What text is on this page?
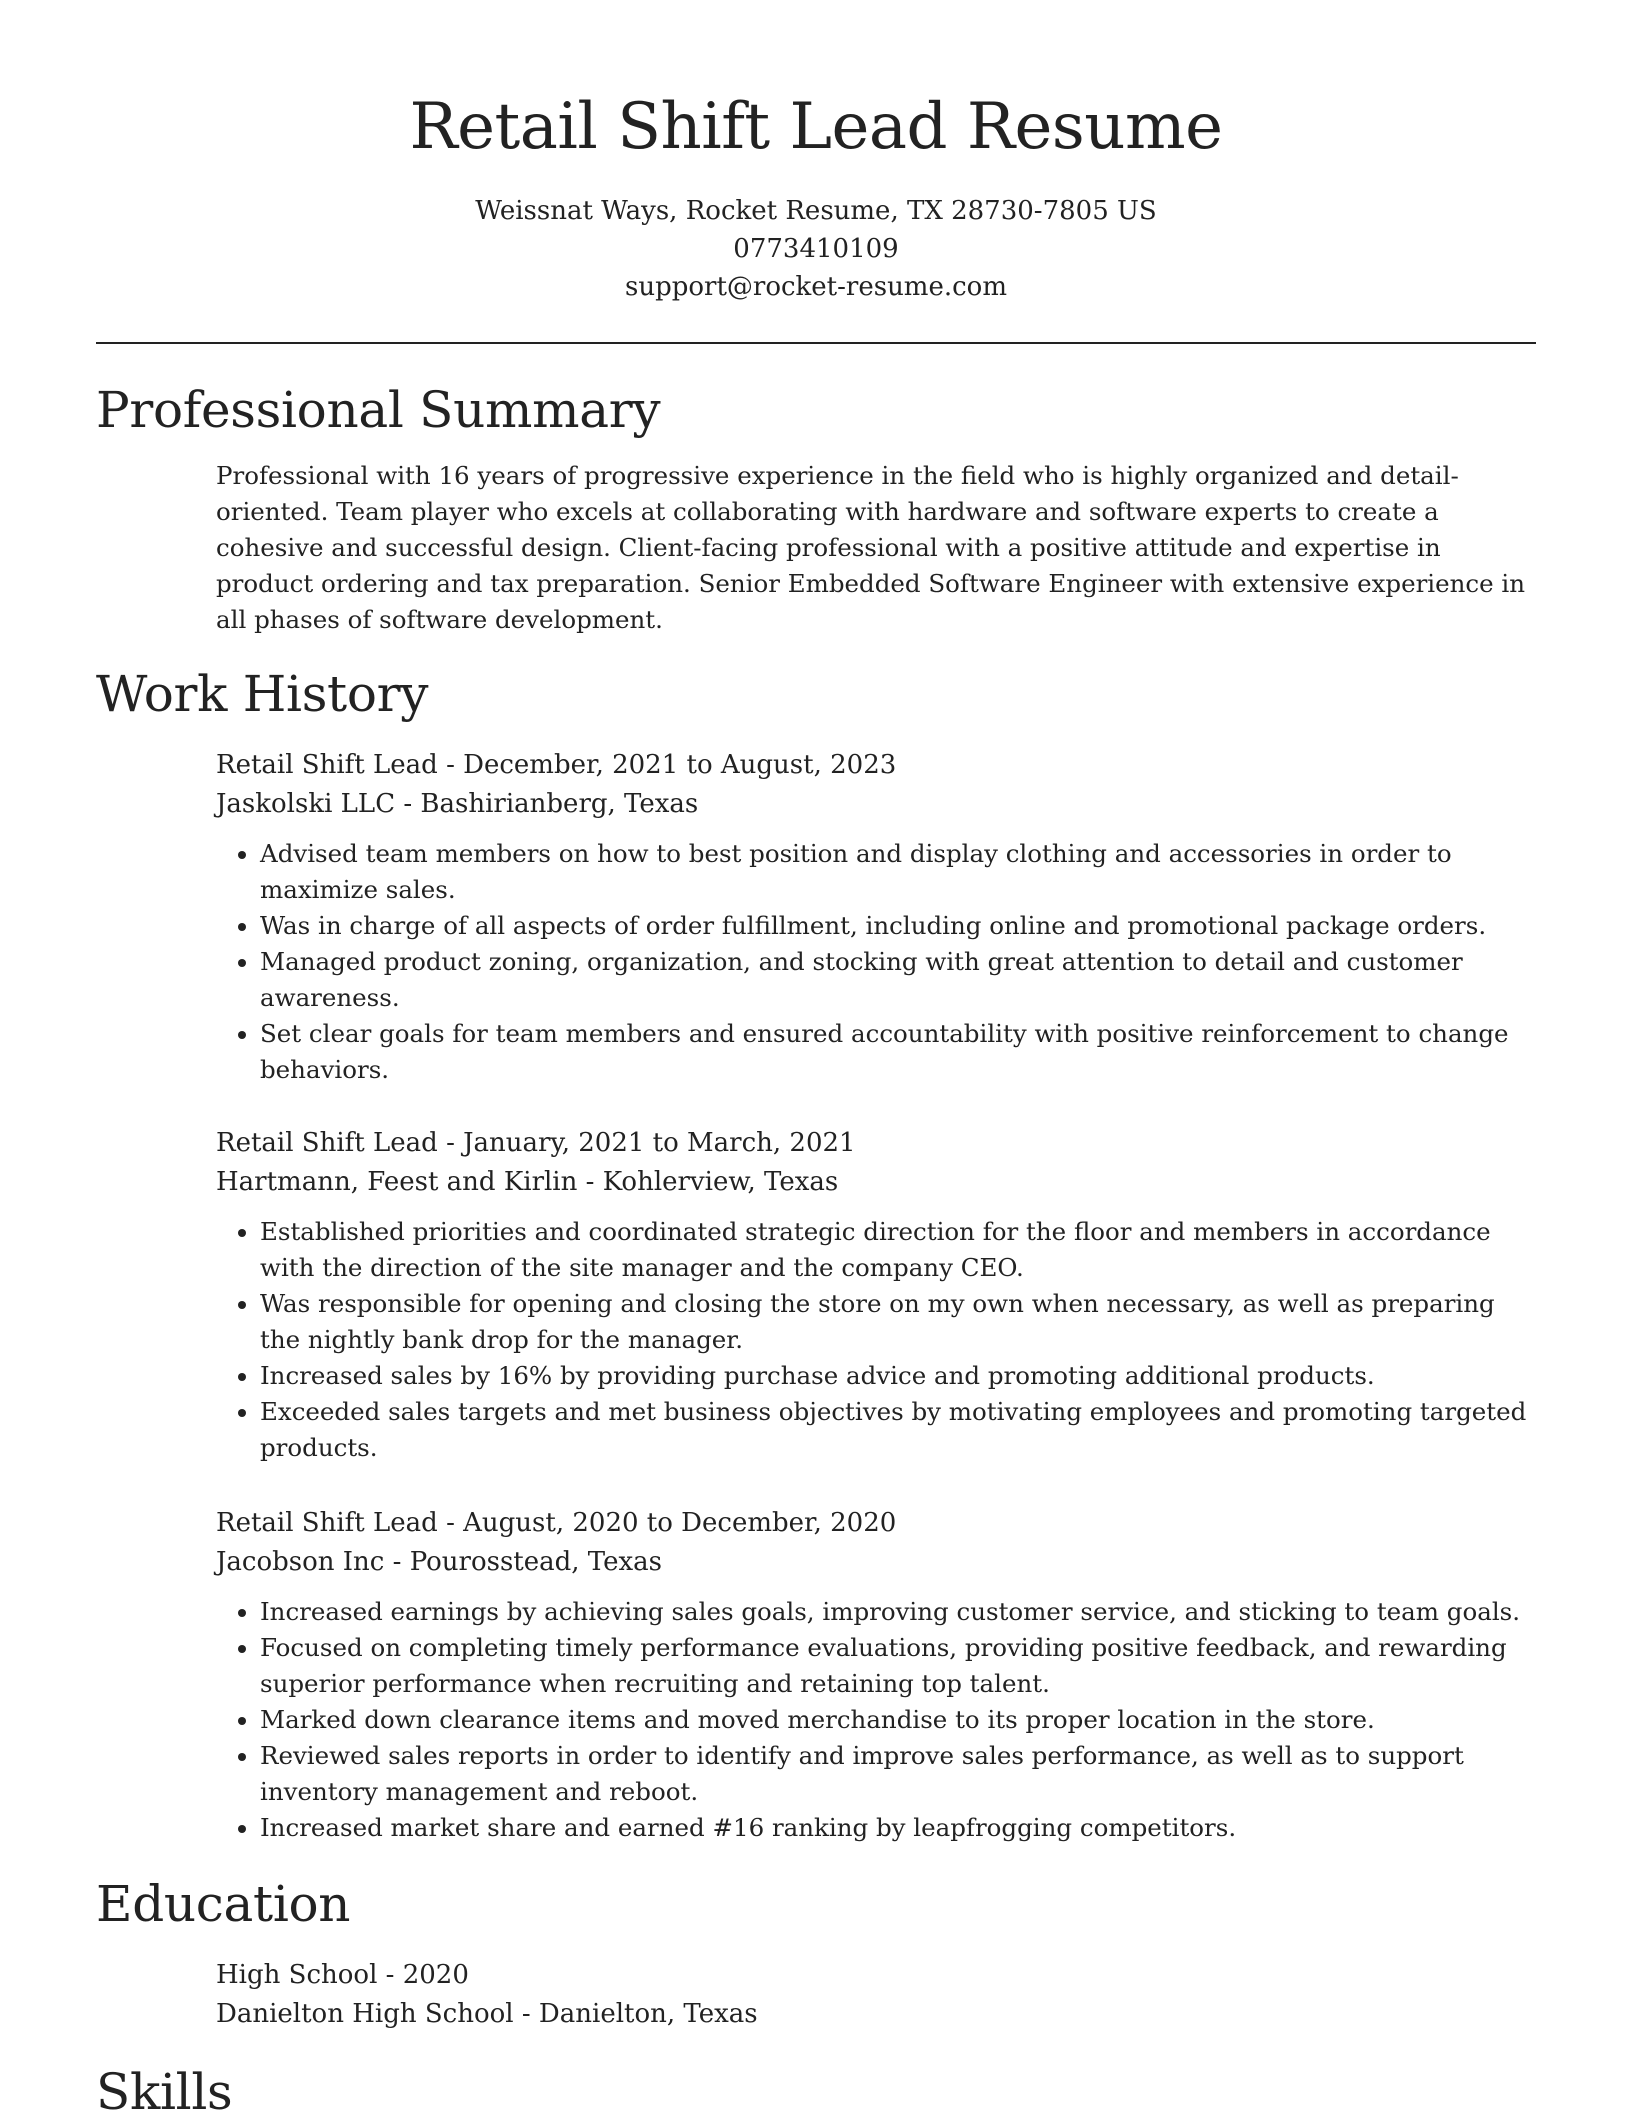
Retail Shift Lead Resume
Weissnat Ways, Rocket Resume, TX 28730-7805 US
0773410109
support@rocket-resume.com
Professional Summary

Professional with 16 years of progressive experience in the field who is highly organized and detail-oriented. Team player who excels at collaborating with hardware and software experts to create a cohesive and successful design. Client-facing professional with a positive attitude and expertise in product ordering and tax preparation. Senior Embedded Software Engineer with extensive experience in all phases of software development.

Work History

Retail Shift Lead - December, 2021 to August, 2023

Jaskolski LLC - Bashirianberg, Texas

• Advised team members on how to best position and display clothing and accessories in order to maximize sales.
• Was in charge of all aspects of order fulfillment, including online and promotional package orders.
• Managed product zoning, organization, and stocking with great attention to detail and customer awareness.
• Set clear goals for team members and ensured accountability with positive reinforcement to change behaviors.

Retail Shift Lead - January, 2021 to March, 2021

Hartmann, Feest and Kirlin - Kohlerview, Texas

• Established priorities and coordinated strategic direction for the floor and members in accordance with the direction of the site manager and the company CEO.
• Was responsible for opening and closing the store on my own when necessary, as well as preparing the nightly bank drop for the manager.
• Increased sales by 16% by providing purchase advice and promoting additional products.
• Exceeded sales targets and met business objectives by motivating employees and promoting targeted products.

Retail Shift Lead - August, 2020 to December, 2020

Jacobson Inc - Pourosstead, Texas

• Increased earnings by achieving sales goals, improving customer service, and sticking to team goals.
• Focused on completing timely performance evaluations, providing positive feedback, and rewarding superior performance when recruiting and retaining top talent.
• Marked down clearance items and moved merchandise to its proper location in the store.
• Reviewed sales reports in order to identify and improve sales performance, as well as to support inventory management and reboot.
• Increased market share and earned #16 ranking by leapfrogging competitors.
Education

High School - 2020

Danielton High School - Danielton, Texas

Skills
